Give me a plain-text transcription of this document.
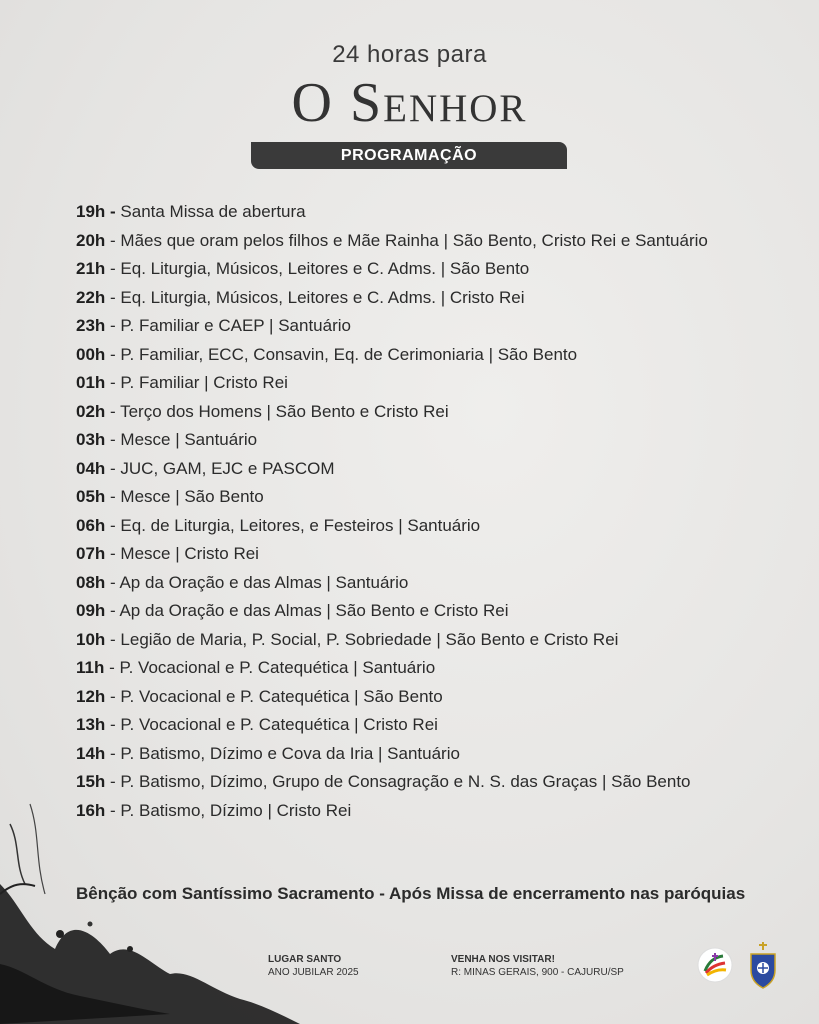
24 horas para
O Senhor
PROGRAMAÇÃO
19h - Santa Missa de abertura
20h - Mães que oram pelos filhos e Mãe Rainha | São Bento, Cristo Rei e Santuário
21h - Eq. Liturgia, Músicos, Leitores e C. Adms. | São Bento
22h - Eq. Liturgia, Músicos, Leitores e C. Adms. | Cristo Rei
23h - P. Familiar e CAEP | Santuário
00h - P. Familiar, ECC, Consavin, Eq. de Cerimoniaria | São Bento
01h - P. Familiar | Cristo Rei
02h - Terço dos Homens | São Bento e Cristo Rei
03h - Mesce | Santuário
04h - JUC, GAM, EJC e PASCOM
05h - Mesce | São Bento
06h - Eq. de Liturgia, Leitores, e Festeiros | Santuário
07h - Mesce | Cristo Rei
08h - Ap da Oração e das Almas | Santuário
09h - Ap da Oração e das Almas | São Bento e Cristo Rei
10h - Legião de Maria, P. Social, P. Sobriedade | São Bento e Cristo Rei
11h - P. Vocacional e P. Catequética | Santuário
12h - P. Vocacional e P. Catequética | São Bento
13h - P. Vocacional e P. Catequética | Cristo Rei
14h - P. Batismo, Dízimo e Cova da Iria | Santuário
15h - P. Batismo, Dízimo, Grupo de Consagração e N. S. das Graças | São Bento
16h - P. Batismo, Dízimo | Cristo Rei
Bênção com Santíssimo Sacramento - Após Missa de encerramento nas paróquias
LUGAR SANTO
ANO JUBILAR 2025
VENHA NOS VISITAR!
R: MINAS GERAIS, 900 - CAJURU/SP
